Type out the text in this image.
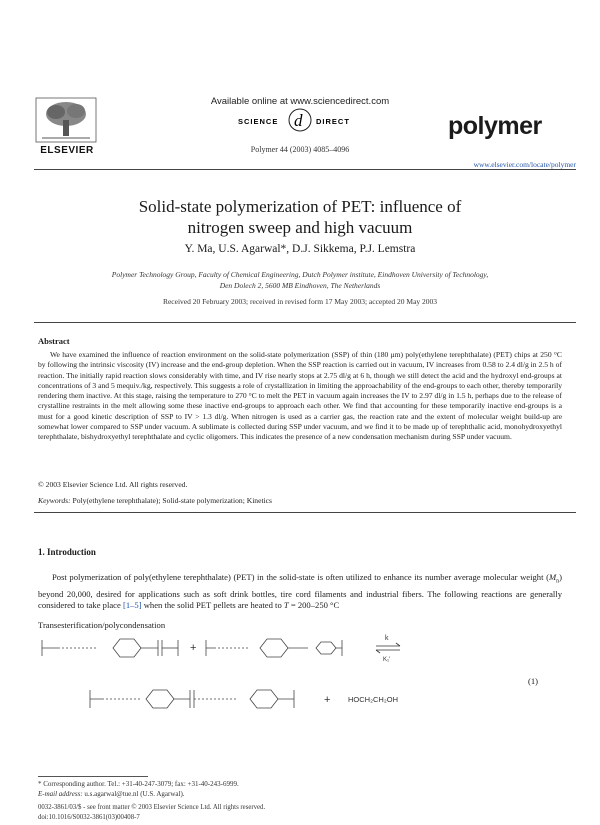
Available online at www.sciencedirect.com
SCIENCE d DIRECT
ELSEVIER
polymer
Polymer 44 (2003) 4085–4096
www.elsevier.com/locate/polymer
Solid-state polymerization of PET: influence of
nitrogen sweep and high vacuum
Y. Ma, U.S. Agarwal*, D.J. Sikkema, P.J. Lemstra
Polymer Technology Group, Faculty of Chemical Engineering, Dutch Polymer institute, Eindhoven University of Technology,
Den Dolech 2, 5600 MB Eindhoven, The Netherlands
Received 20 February 2003; received in revised form 17 May 2003; accepted 20 May 2003
Abstract
We have examined the influence of reaction environment on the solid-state polymerization (SSP) of thin (180 μm) poly(ethylene terephthalate) (PET) chips at 250 °C by following the intrinsic viscosity (IV) increase and the end-group depletion. When the SSP reaction is carried out in vacuum, IV increases from 0.58 to 2.4 dl/g in 2.5 h of reaction. The initially rapid reaction slows considerably with time, and IV rise nearly stops at 2.75 dl/g at 6 h, though we still detect the acid and the hydroxyl end-groups at concentrations of 3 and 5 mequiv./kg, respectively. This suggests a role of crystallization in limiting the approachability of the end-groups to each other, thereby temporarily rendering them inactive. At this stage, raising the temperature to 270 °C to melt the PET in vacuum again increases the IV to 2.97 dl/g in 1.5 h, perhaps due to the release of crystalline restraints in the melt allowing some these inactive end-groups to approach each other. We find that accounting for these temporarily inactive end-groups is a must for a good kinetic description of SSP to IV > 1.3 dl/g. When nitrogen is used as a carrier gas, the reaction rate and the extent of molecular weight build-up are somewhat lower compared to SSP under vacuum. A sublimate is collected during SSP under vacuum, and we find it to be made up of terephthalic acid, monohydroxyethyl terephthalate, bishydroxyethyl terephthalate and cyclic oligomers. This indicates the presence of a new condensation mechanism during SSP under vacuum.
© 2003 Elsevier Science Ltd. All rights reserved.
Keywords: Poly(ethylene terephthalate); Solid-state polymerization; Kinetics
1. Introduction
Post polymerization of poly(ethylene terephthalate) (PET) in the solid-state is often utilized to enhance its number average molecular weight $(M_n)$ beyond 20,000, desired for applications such as soft drink bottles, tire cord filaments and industrial fibers. The following reactions are generally considered to take place [1–5] when the solid PET pellets are heated to T = 200–250 °C
Transesterification/polycondensation
+
k
K₁'
+ HOCH₂CH₂OH
(1)
* Corresponding author. Tel.: +31-40-247-3079; fax: +31-40-243-6999.
E-mail address: u.s.agarwal@tue.nl (U.S. Agarwal).
0032-3861/03/$ - see front matter © 2003 Elsevier Science Ltd. All rights reserved.
doi:10.1016/S0032-3861(03)00408-7
